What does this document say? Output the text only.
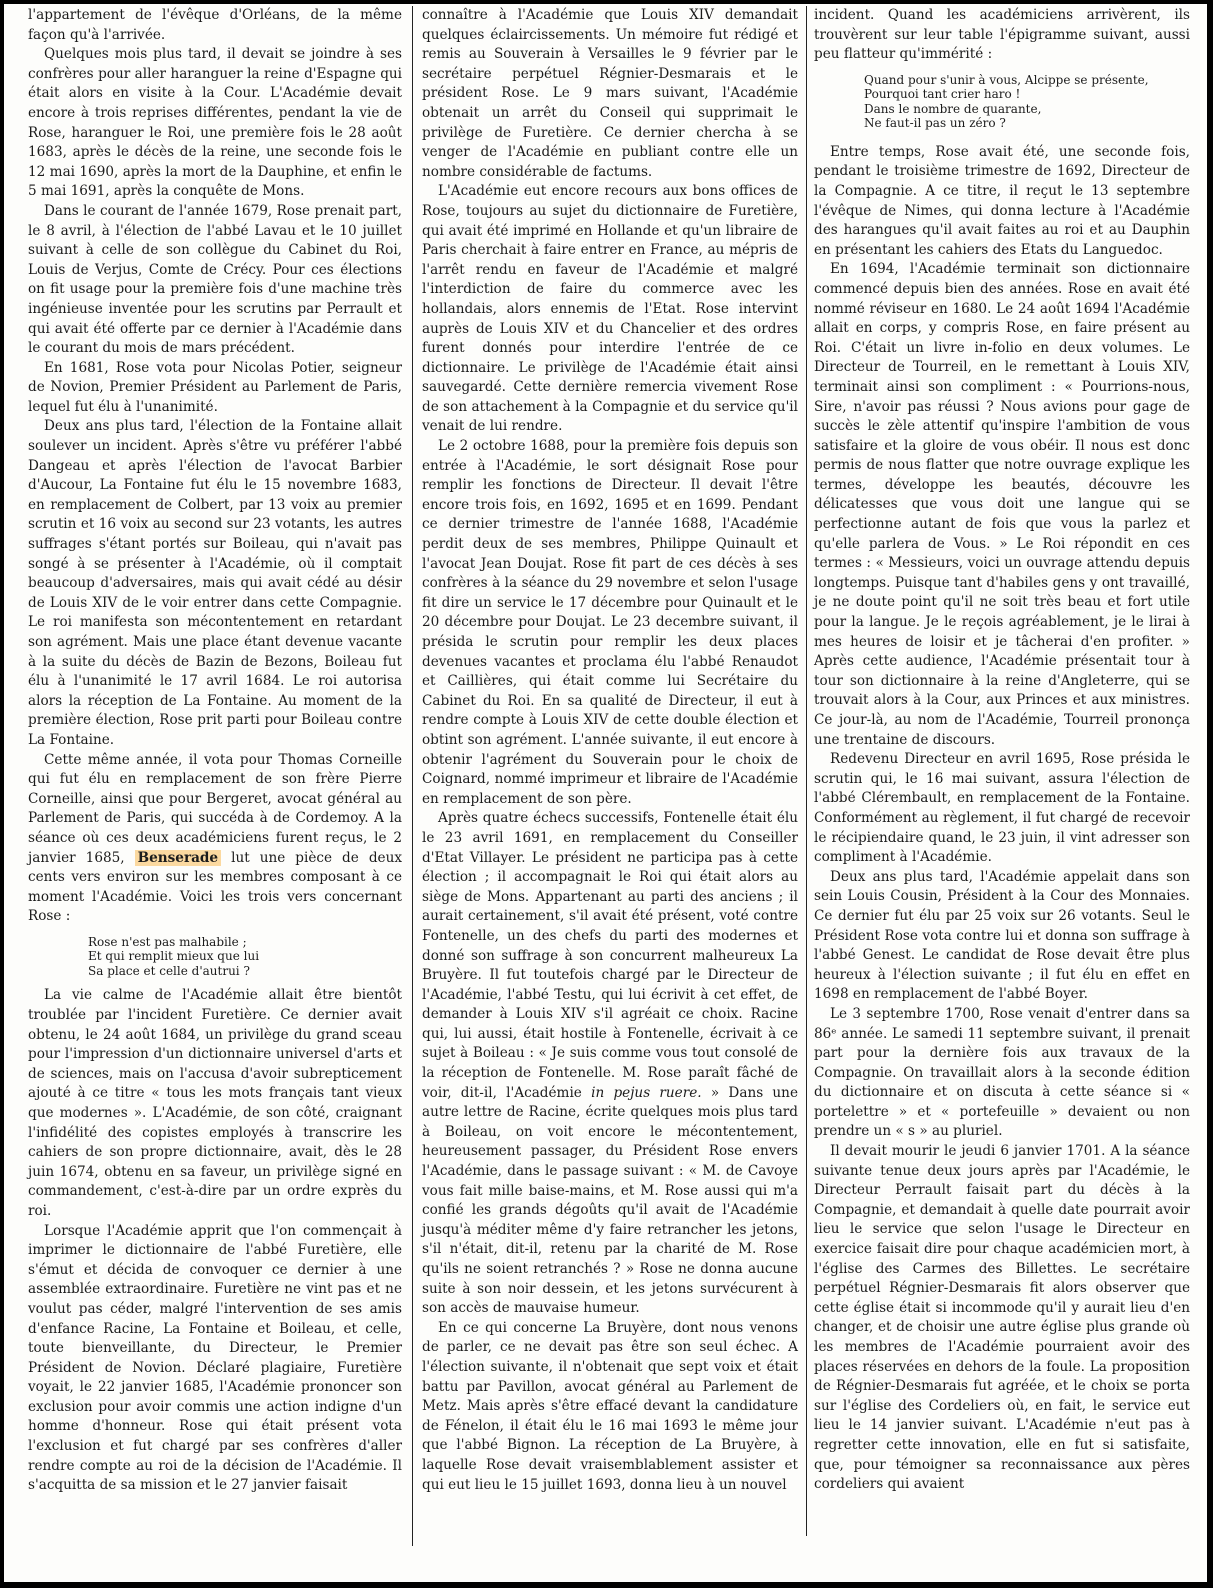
l'appartement de l'évêque d'Orléans, de la même façon qu'à l'arrivée.

Quelques mois plus tard, il devait se joindre à ses confrères pour aller haranguer la reine d'Espagne qui était alors en visite à la Cour. L'Académie devait encore à trois reprises différentes, pendant la vie de Rose, haranguer le Roi, une première fois le 28 août 1683, après le décès de la reine, une seconde fois le 12 mai 1690, après la mort de la Dauphine, et enfin le 5 mai 1691, après la conquête de Mons.

Dans le courant de l'année 1679, Rose prenait part, le 8 avril, à l'élection de l'abbé Lavau et le 10 juillet suivant à celle de son collègue du Cabinet du Roi, Louis de Verjus, Comte de Crécy. Pour ces élections on fit usage pour la première fois d'une machine très ingénieuse inventée pour les scrutins par Perrault et qui avait été offerte par ce dernier à l'Académie dans le courant du mois de mars précédent.

En 1681, Rose vota pour Nicolas Potier, seigneur de Novion, Premier Président au Parlement de Paris, lequel fut élu à l'unanimité.

Deux ans plus tard, l'élection de la Fontaine allait soulever un incident. Après s'être vu préférer l'abbé Dangeau et après l'élection de l'avocat Barbier d'Aucour, La Fontaine fut élu le 15 novembre 1683, en remplacement de Colbert, par 13 voix au premier scrutin et 16 voix au second sur 23 votants, les autres suffrages s'étant portés sur Boileau, qui n'avait pas songé à se présenter à l'Académie, où il comptait beaucoup d'adversaires, mais qui avait cédé au désir de Louis XIV de le voir entrer dans cette Compagnie. Le roi manifesta son mécontentement en retardant son agrément. Mais une place étant devenue vacante à la suite du décès de Bazin de Bezons, Boileau fut élu à l'unanimité le 17 avril 1684. Le roi autorisa alors la réception de La Fontaine. Au moment de la première élection, Rose prit parti pour Boileau contre La Fontaine.

Cette même année, il vota pour Thomas Corneille qui fut élu en remplacement de son frère Pierre Corneille, ainsi que pour Bergeret, avocat général au Parlement de Paris, qui succéda à de Cordemoy. A la séance où ces deux académiciens furent reçus, le 2 janvier 1685, Benserade lut une pièce de deux cents vers environ sur les membres composant à ce moment l'Académie. Voici les trois vers concernant Rose :

Rose n'est pas malhabile ;
Et qui remplit mieux que lui
Sa place et celle d'autrui ?

La vie calme de l'Académie allait être bientôt troublée par l'incident Furetière. Ce dernier avait obtenu, le 24 août 1684, un privilège du grand sceau pour l'impression d'un dictionnaire universel d'arts et de sciences, mais on l'accusa d'avoir subrepticement ajouté à ce titre « tous les mots français tant vieux que modernes ». L'Académie, de son côté, craignant l'infidélité des copistes employés à transcrire les cahiers de son propre dictionnaire, avait, dès le 28 juin 1674, obtenu en sa faveur, un privilège signé en commandement, c'est-à-dire par un ordre exprès du roi.

Lorsque l'Académie apprit que l'on commençait à imprimer le dictionnaire de l'abbé Furetière, elle s'émut et décida de convoquer ce dernier à une assemblée extraordinaire. Furetière ne vint pas et ne voulut pas céder, malgré l'intervention de ses amis d'enfance Racine, La Fontaine et Boileau, et celle, toute bienveillante, du Directeur, le Premier Président de Novion. Déclaré plagiaire, Furetière voyait, le 22 janvier 1685, l'Académie prononcer son exclusion pour avoir commis une action indigne d'un homme d'honneur. Rose qui était présent vota l'exclusion et fut chargé par ses confrères d'aller rendre compte au roi de la décision de l'Académie. Il s'acquitta de sa mission et le 27 janvier faisait

connaître à l'Académie que Louis XIV demandait quelques éclaircissements. Un mémoire fut rédigé et remis au Souverain à Versailles le 9 février par le secrétaire perpétuel Régnier-Desmarais et le président Rose. Le 9 mars suivant, l'Académie obtenait un arrêt du Conseil qui supprimait le privilège de Furetière. Ce dernier chercha à se venger de l'Académie en publiant contre elle un nombre considérable de factums.

L'Académie eut encore recours aux bons offices de Rose, toujours au sujet du dictionnaire de Furetière, qui avait été imprimé en Hollande et qu'un libraire de Paris cherchait à faire entrer en France, au mépris de l'arrêt rendu en faveur de l'Académie et malgré l'interdiction de faire du commerce avec les hollandais, alors ennemis de l'Etat. Rose intervint auprès de Louis XIV et du Chancelier et des ordres furent donnés pour interdire l'entrée de ce dictionnaire. Le privilège de l'Académie était ainsi sauvegardé. Cette dernière remercia vivement Rose de son attachement à la Compagnie et du service qu'il venait de lui rendre.

Le 2 octobre 1688, pour la première fois depuis son entrée à l'Académie, le sort désignait Rose pour remplir les fonctions de Directeur. Il devait l'être encore trois fois, en 1692, 1695 et en 1699. Pendant ce dernier trimestre de l'année 1688, l'Académie perdit deux de ses membres, Philippe Quinault et l'avocat Jean Doujat. Rose fit part de ces décès à ses confrères à la séance du 29 novembre et selon l'usage fit dire un service le 17 décembre pour Quinault et le 20 décembre pour Doujat. Le 23 decembre suivant, il présida le scrutin pour remplir les deux places devenues vacantes et proclama élu l'abbé Renaudot et Caillières, qui était comme lui Secrétaire du Cabinet du Roi. En sa qualité de Directeur, il eut à rendre compte à Louis XIV de cette double élection et obtint son agrément. L'année suivante, il eut encore à obtenir l'agrément du Souverain pour le choix de Coignard, nommé imprimeur et libraire de l'Académie en remplacement de son père.

Après quatre échecs successifs, Fontenelle était élu le 23 avril 1691, en remplacement du Conseiller d'Etat Villayer. Le président ne participa pas à cette élection ; il accompagnait le Roi qui était alors au siège de Mons. Appartenant au parti des anciens ; il aurait certainement, s'il avait été présent, voté contre Fontenelle, un des chefs du parti des modernes et donné son suffrage à son concurrent malheureux La Bruyère. Il fut toutefois chargé par le Directeur de l'Académie, l'abbé Testu, qui lui écrivit à cet effet, de demander à Louis XIV s'il agréait ce choix. Racine qui, lui aussi, était hostile à Fontenelle, écrivait à ce sujet à Boileau : « Je suis comme vous tout consolé de la réception de Fontenelle. M. Rose paraît fâché de voir, dit-il, l'Académie in pejus ruere. » Dans une autre lettre de Racine, écrite quelques mois plus tard à Boileau, on voit encore le mécontentement, heureusement passager, du Président Rose envers l'Académie, dans le passage suivant : « M. de Cavoye vous fait mille baise-mains, et M. Rose aussi qui m'a confié les grands dégoûts qu'il avait de l'Académie jusqu'à méditer même d'y faire retrancher les jetons, s'il n'était, dit-il, retenu par la charité de M. Rose qu'ils ne soient retranchés ? » Rose ne donna aucune suite à son noir dessein, et les jetons survécurent à son accès de mauvaise humeur.

En ce qui concerne La Bruyère, dont nous venons de parler, ce ne devait pas être son seul échec. A l'élection suivante, il n'obtenait que sept voix et était battu par Pavillon, avocat général au Parlement de Metz. Mais après s'être effacé devant la candidature de Fénelon, il était élu le 16 mai 1693 le même jour que l'abbé Bignon. La réception de La Bruyère, à laquelle Rose devait vraisemblablement assister et qui eut lieu le 15 juillet 1693, donna lieu à un nouvel

incident. Quand les académiciens arrivèrent, ils trouvèrent sur leur table l'épigramme suivant, aussi peu flatteur qu'immérité :

Quand pour s'unir à vous, Alcippe se présente,
Pourquoi tant crier haro !
Dans le nombre de quarante,
Ne faut-il pas un zéro ?

Entre temps, Rose avait été, une seconde fois, pendant le troisième trimestre de 1692, Directeur de la Compagnie. A ce titre, il reçut le 13 septembre l'évêque de Nimes, qui donna lecture à l'Académie des harangues qu'il avait faites au roi et au Dauphin en présentant les cahiers des Etats du Languedoc.

En 1694, l'Académie terminait son dictionnaire commencé depuis bien des années. Rose en avait été nommé réviseur en 1680. Le 24 août 1694 l'Académie allait en corps, y compris Rose, en faire présent au Roi. C'était un livre in-folio en deux volumes. Le Directeur de Tourreil, en le remettant à Louis XIV, terminait ainsi son compliment : « Pourrions-nous, Sire, n'avoir pas réussi ? Nous avions pour gage de succès le zèle attentif qu'inspire l'ambition de vous satisfaire et la gloire de vous obéir. Il nous est donc permis de nous flatter que notre ouvrage explique les termes, développe les beautés, découvre les délicatesses que vous doit une langue qui se perfectionne autant de fois que vous la parlez et qu'elle parlera de Vous. » Le Roi répondit en ces termes : « Messieurs, voici un ouvrage attendu depuis longtemps. Puisque tant d'habiles gens y ont travaillé, je ne doute point qu'il ne soit très beau et fort utile pour la langue. Je le reçois agréablement, je le lirai à mes heures de loisir et je tâcherai d'en profiter. » Après cette audience, l'Académie présentait tour à tour son dictionnaire à la reine d'Angleterre, qui se trouvait alors à la Cour, aux Princes et aux ministres. Ce jour-là, au nom de l'Académie, Tourreil prononça une trentaine de discours.

Redevenu Directeur en avril 1695, Rose présida le scrutin qui, le 16 mai suivant, assura l'élection de l'abbé Clérembault, en remplacement de la Fontaine. Conformément au règlement, il fut chargé de recevoir le récipiendaire quand, le 23 juin, il vint adresser son compliment à l'Académie.

Deux ans plus tard, l'Académie appelait dans son sein Louis Cousin, Président à la Cour des Monnaies. Ce dernier fut élu par 25 voix sur 26 votants. Seul le Président Rose vota contre lui et donna son suffrage à l'abbé Genest. Le candidat de Rose devait être plus heureux à l'élection suivante ; il fut élu en effet en 1698 en remplacement de l'abbé Boyer.

Le 3 septembre 1700, Rose venait d'entrer dans sa 86ᵉ année. Le samedi 11 septembre suivant, il prenait part pour la dernière fois aux travaux de la Compagnie. On travaillait alors à la seconde édition du dictionnaire et on discuta à cette séance si « portelettre » et « portefeuille » devaient ou non prendre un « s » au pluriel.

Il devait mourir le jeudi 6 janvier 1701. A la séance suivante tenue deux jours après par l'Académie, le Directeur Perrault faisait part du décès à la Compagnie, et demandait à quelle date pourrait avoir lieu le service que selon l'usage le Directeur en exercice faisait dire pour chaque académicien mort, à l'église des Carmes des Billettes. Le secrétaire perpétuel Régnier-Desmarais fit alors observer que cette église était si incommode qu'il y aurait lieu d'en changer, et de choisir une autre église plus grande où les membres de l'Académie pourraient avoir des places réservées en dehors de la foule. La proposition de Régnier-Desmarais fut agréée, et le choix se porta sur l'église des Cordeliers où, en fait, le service eut lieu le 14 janvier suivant. L'Académie n'eut pas à regretter cette innovation, elle en fut si satisfaite, que, pour témoigner sa reconnaissance aux pères cordeliers qui avaient
